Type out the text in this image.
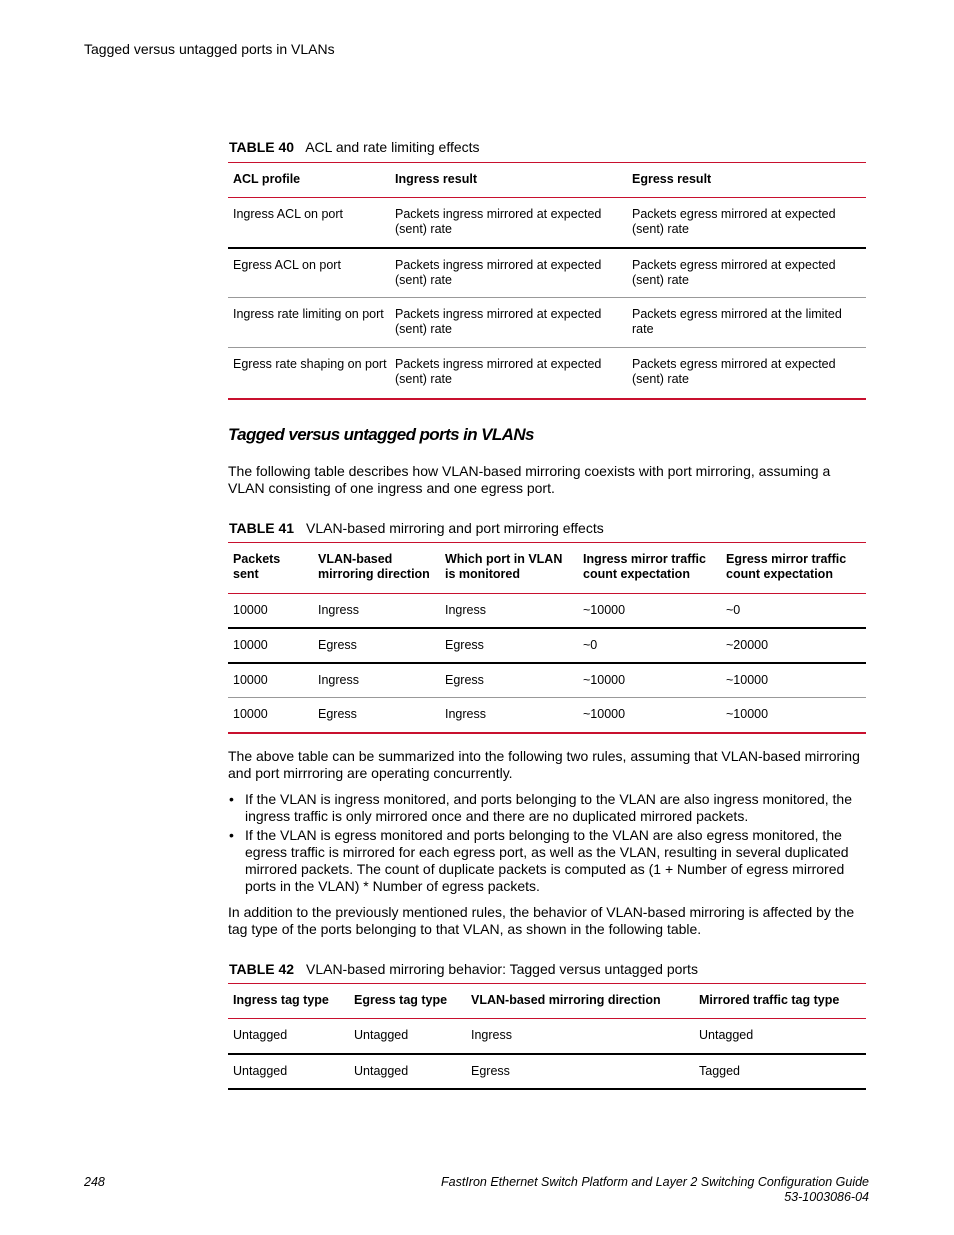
Tagged versus untagged ports in VLANs
TABLE 40 ACL and rate limiting effects
ACL profile	Ingress result	Egress result
Ingress ACL on port	Packets ingress mirrored at expected (sent) rate	Packets egress mirrored at expected (sent) rate
Egress ACL on port	Packets ingress mirrored at expected (sent) rate	Packets egress mirrored at expected (sent) rate
Ingress rate limiting on port	Packets ingress mirrored at expected (sent) rate	Packets egress mirrored at the limited rate
Egress rate shaping on port	Packets ingress mirrored at expected (sent) rate	Packets egress mirrored at expected (sent) rate
Tagged versus untagged ports in VLANs
The following table describes how VLAN-based mirroring coexists with port mirroring, assuming a VLAN consisting of one ingress and one egress port.
TABLE 41 VLAN-based mirroring and port mirroring effects
Packets sent	VLAN-based mirroring direction	Which port in VLAN is monitored	Ingress mirror traffic count expectation	Egress mirror traffic count expectation
10000	Ingress	Ingress	~10000	~0
10000	Egress	Egress	~0	~20000
10000	Ingress	Egress	~10000	~10000
10000	Egress	Ingress	~10000	~10000
The above table can be summarized into the following two rules, assuming that VLAN-based mirroring and port mirrroring are operating concurrently.
• If the VLAN is ingress monitored, and ports belonging to the VLAN are also ingress monitored, the ingress traffic is only mirrored once and there are no duplicated mirrored packets.
• If the VLAN is egress monitored and ports belonging to the VLAN are also egress monitored, the egress traffic is mirrored for each egress port, as well as the VLAN, resulting in several duplicated mirrored packets. The count of duplicate packets is computed as (1 + Number of egress mirrored ports in the VLAN) * Number of egress packets.
In addition to the previously mentioned rules, the behavior of VLAN-based mirroring is affected by the tag type of the ports belonging to that VLAN, as shown in the following table.
TABLE 42 VLAN-based mirroring behavior: Tagged versus untagged ports
Ingress tag type	Egress tag type	VLAN-based mirroring direction	Mirrored traffic tag type
Untagged	Untagged	Ingress	Untagged
Untagged	Untagged	Egress	Tagged
248	FastIron Ethernet Switch Platform and Layer 2 Switching Configuration Guide
53-1003086-04
